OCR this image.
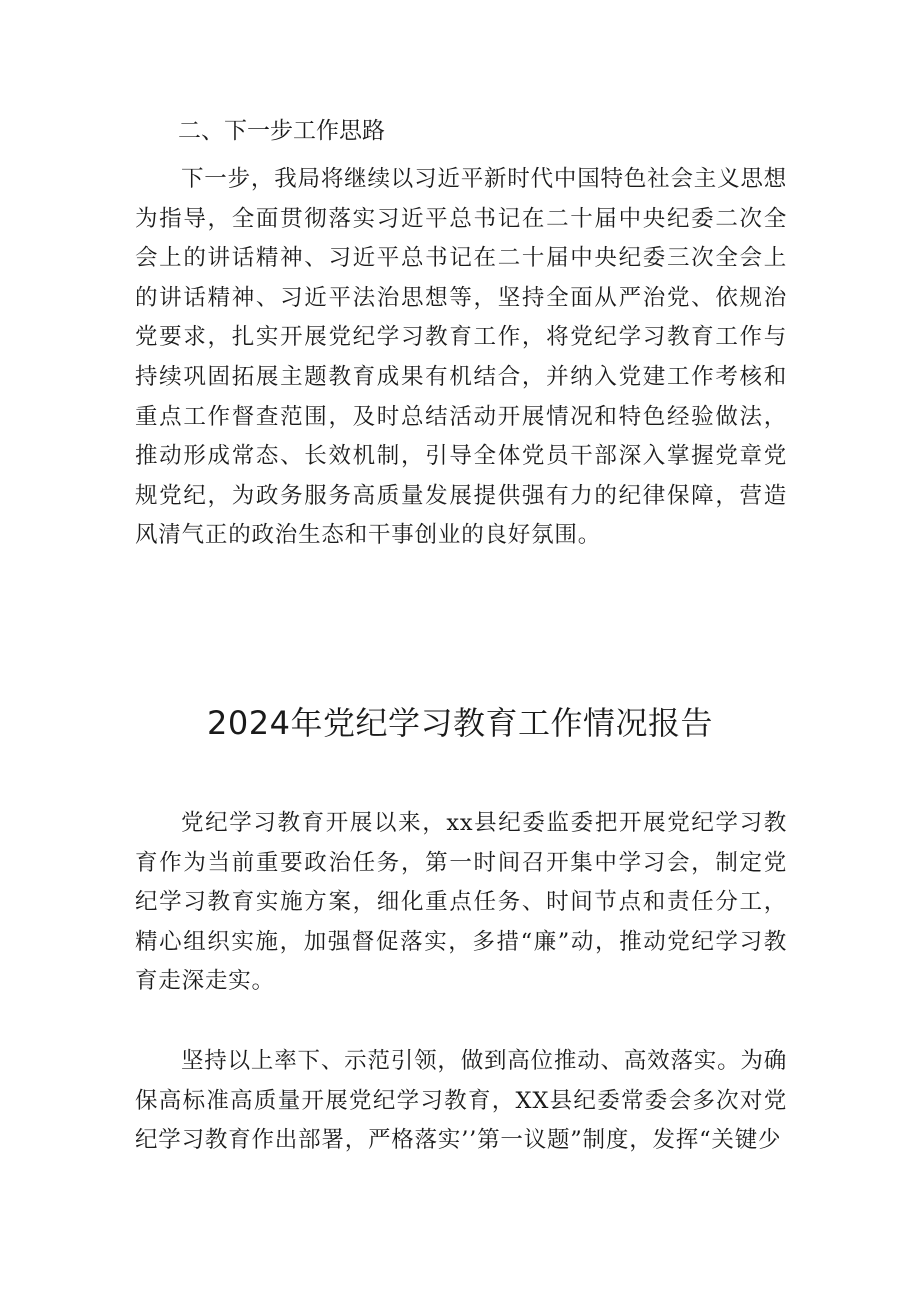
二、下一步工作思路

下一步，我局将继续以习近平新时代中国特色社会主义思想为指导，全面贯彻落实习近平总书记在二十届中央纪委二次全会上的讲话精神、习近平总书记在二十届中央纪委三次全会上的讲话精神、习近平法治思想等，坚持全面从严治党、依规治党要求，扎实开展党纪学习教育工作，将党纪学习教育工作与持续巩固拓展主题教育成果有机结合，并纳入党建工作考核和重点工作督查范围，及时总结活动开展情况和特色经验做法，推动形成常态、长效机制，引导全体党员干部深入掌握党章党规党纪，为政务服务高质量发展提供强有力的纪律保障，营造风清气正的政治生态和干事创业的良好氛围。

2024年党纪学习教育工作情况报告

党纪学习教育开展以来，xx县纪委监委把开展党纪学习教育作为当前重要政治任务，第一时间召开集中学习会，制定党纪学习教育实施方案，细化重点任务、时间节点和责任分工，精心组织实施，加强督促落实，多措“廉”动，推动党纪学习教育走深走实。

坚持以上率下、示范引领，做到高位推动、高效落实。为确保高标准高质量开展党纪学习教育，XX县纪委常委会多次对党纪学习教育作出部署，严格落实’’第一议题”制度，发挥“关键少
